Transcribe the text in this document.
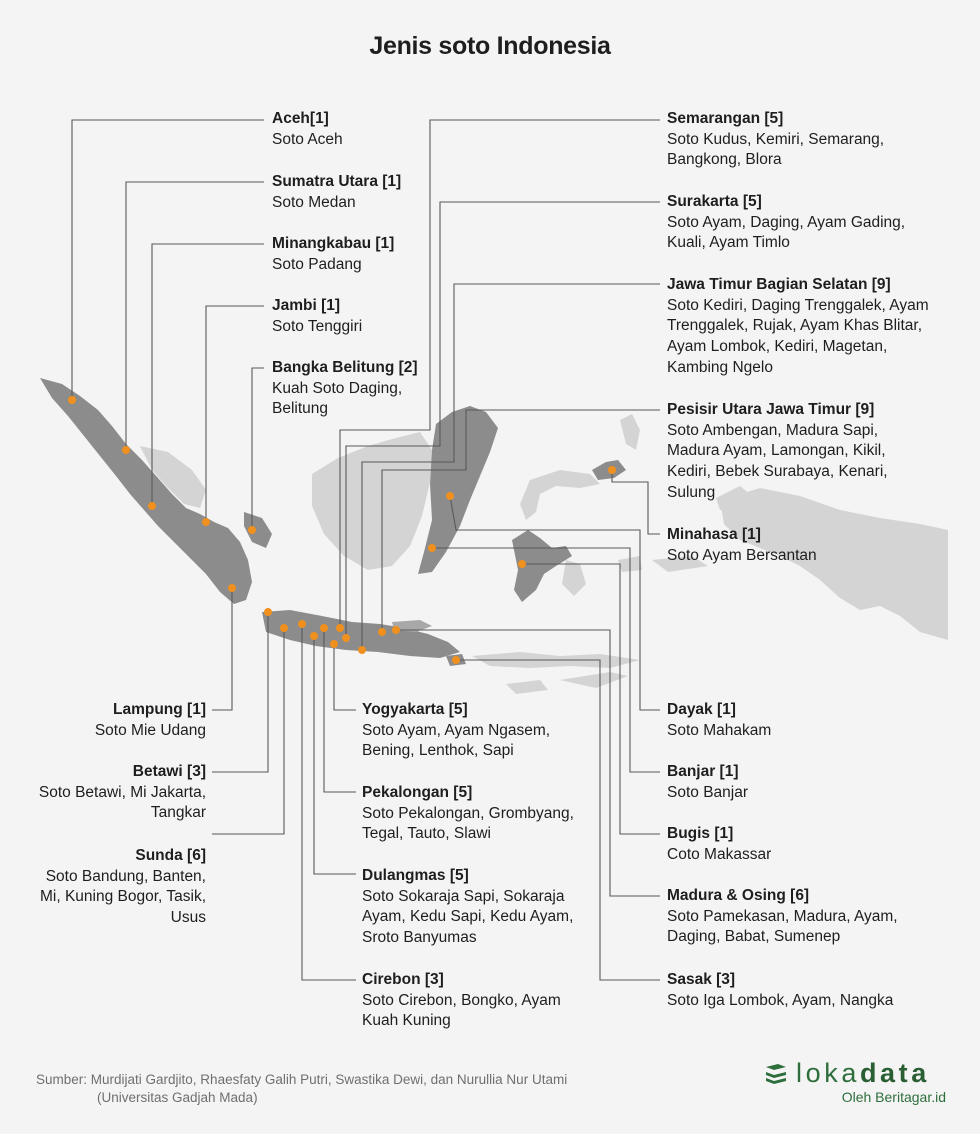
Jenis soto Indonesia
Aceh[1]
Soto Aceh
Sumatra Utara [1]
Soto Medan
Minangkabau [1]
Soto Padang
Jambi [1]
Soto Tenggiri
Bangka Belitung [2]
Kuah Soto Daging, Belitung
Semarangan [5]
Soto Kudus, Kemiri, Semarang, Bangkong, Blora
Surakarta [5]
Soto Ayam, Daging, Ayam Gading, Kuali, Ayam Timlo
Jawa Timur Bagian Selatan [9]
Soto Kediri, Daging Trenggalek, Ayam Trenggalek, Rujak, Ayam Khas Blitar, Ayam Lombok, Kediri, Magetan, Kambing Ngelo
Pesisir Utara Jawa Timur [9]
Soto Ambengan, Madura Sapi, Madura Ayam, Lamongan, Kikil, Kediri, Bebek Surabaya, Kenari, Sulung
Minahasa [1]
Soto Ayam Bersantan
Lampung [1]
Soto Mie Udang
Betawi [3]
Soto Betawi, Mi Jakarta, Tangkar
Sunda [6]
Soto Bandung, Banten, Mi, Kuning Bogor, Tasik, Usus
Yogyakarta [5]
Soto Ayam, Ayam Ngasem, Bening, Lenthok, Sapi
Pekalongan [5]
Soto Pekalongan, Grombyang, Tegal, Tauto, Slawi
Dulangmas [5]
Soto Sokaraja Sapi, Sokaraja Ayam, Kedu Sapi, Kedu Ayam, Sroto Banyumas
Cirebon [3]
Soto Cirebon, Bongko, Ayam Kuah Kuning
Dayak [1]
Soto Mahakam
Banjar [1]
Soto Banjar
Bugis [1]
Coto Makassar
Madura & Osing [6]
Soto Pamekasan, Madura, Ayam, Daging, Babat, Sumenep
Sasak [3]
Soto Iga Lombok, Ayam, Nangka
Sumber: Murdijati Gardjito, Rhaesfaty Galih Putri, Swastika Dewi, dan Nurullia Nur Utami
(Universitas Gadjah Mada)
lokadata
Oleh Beritagar.id
